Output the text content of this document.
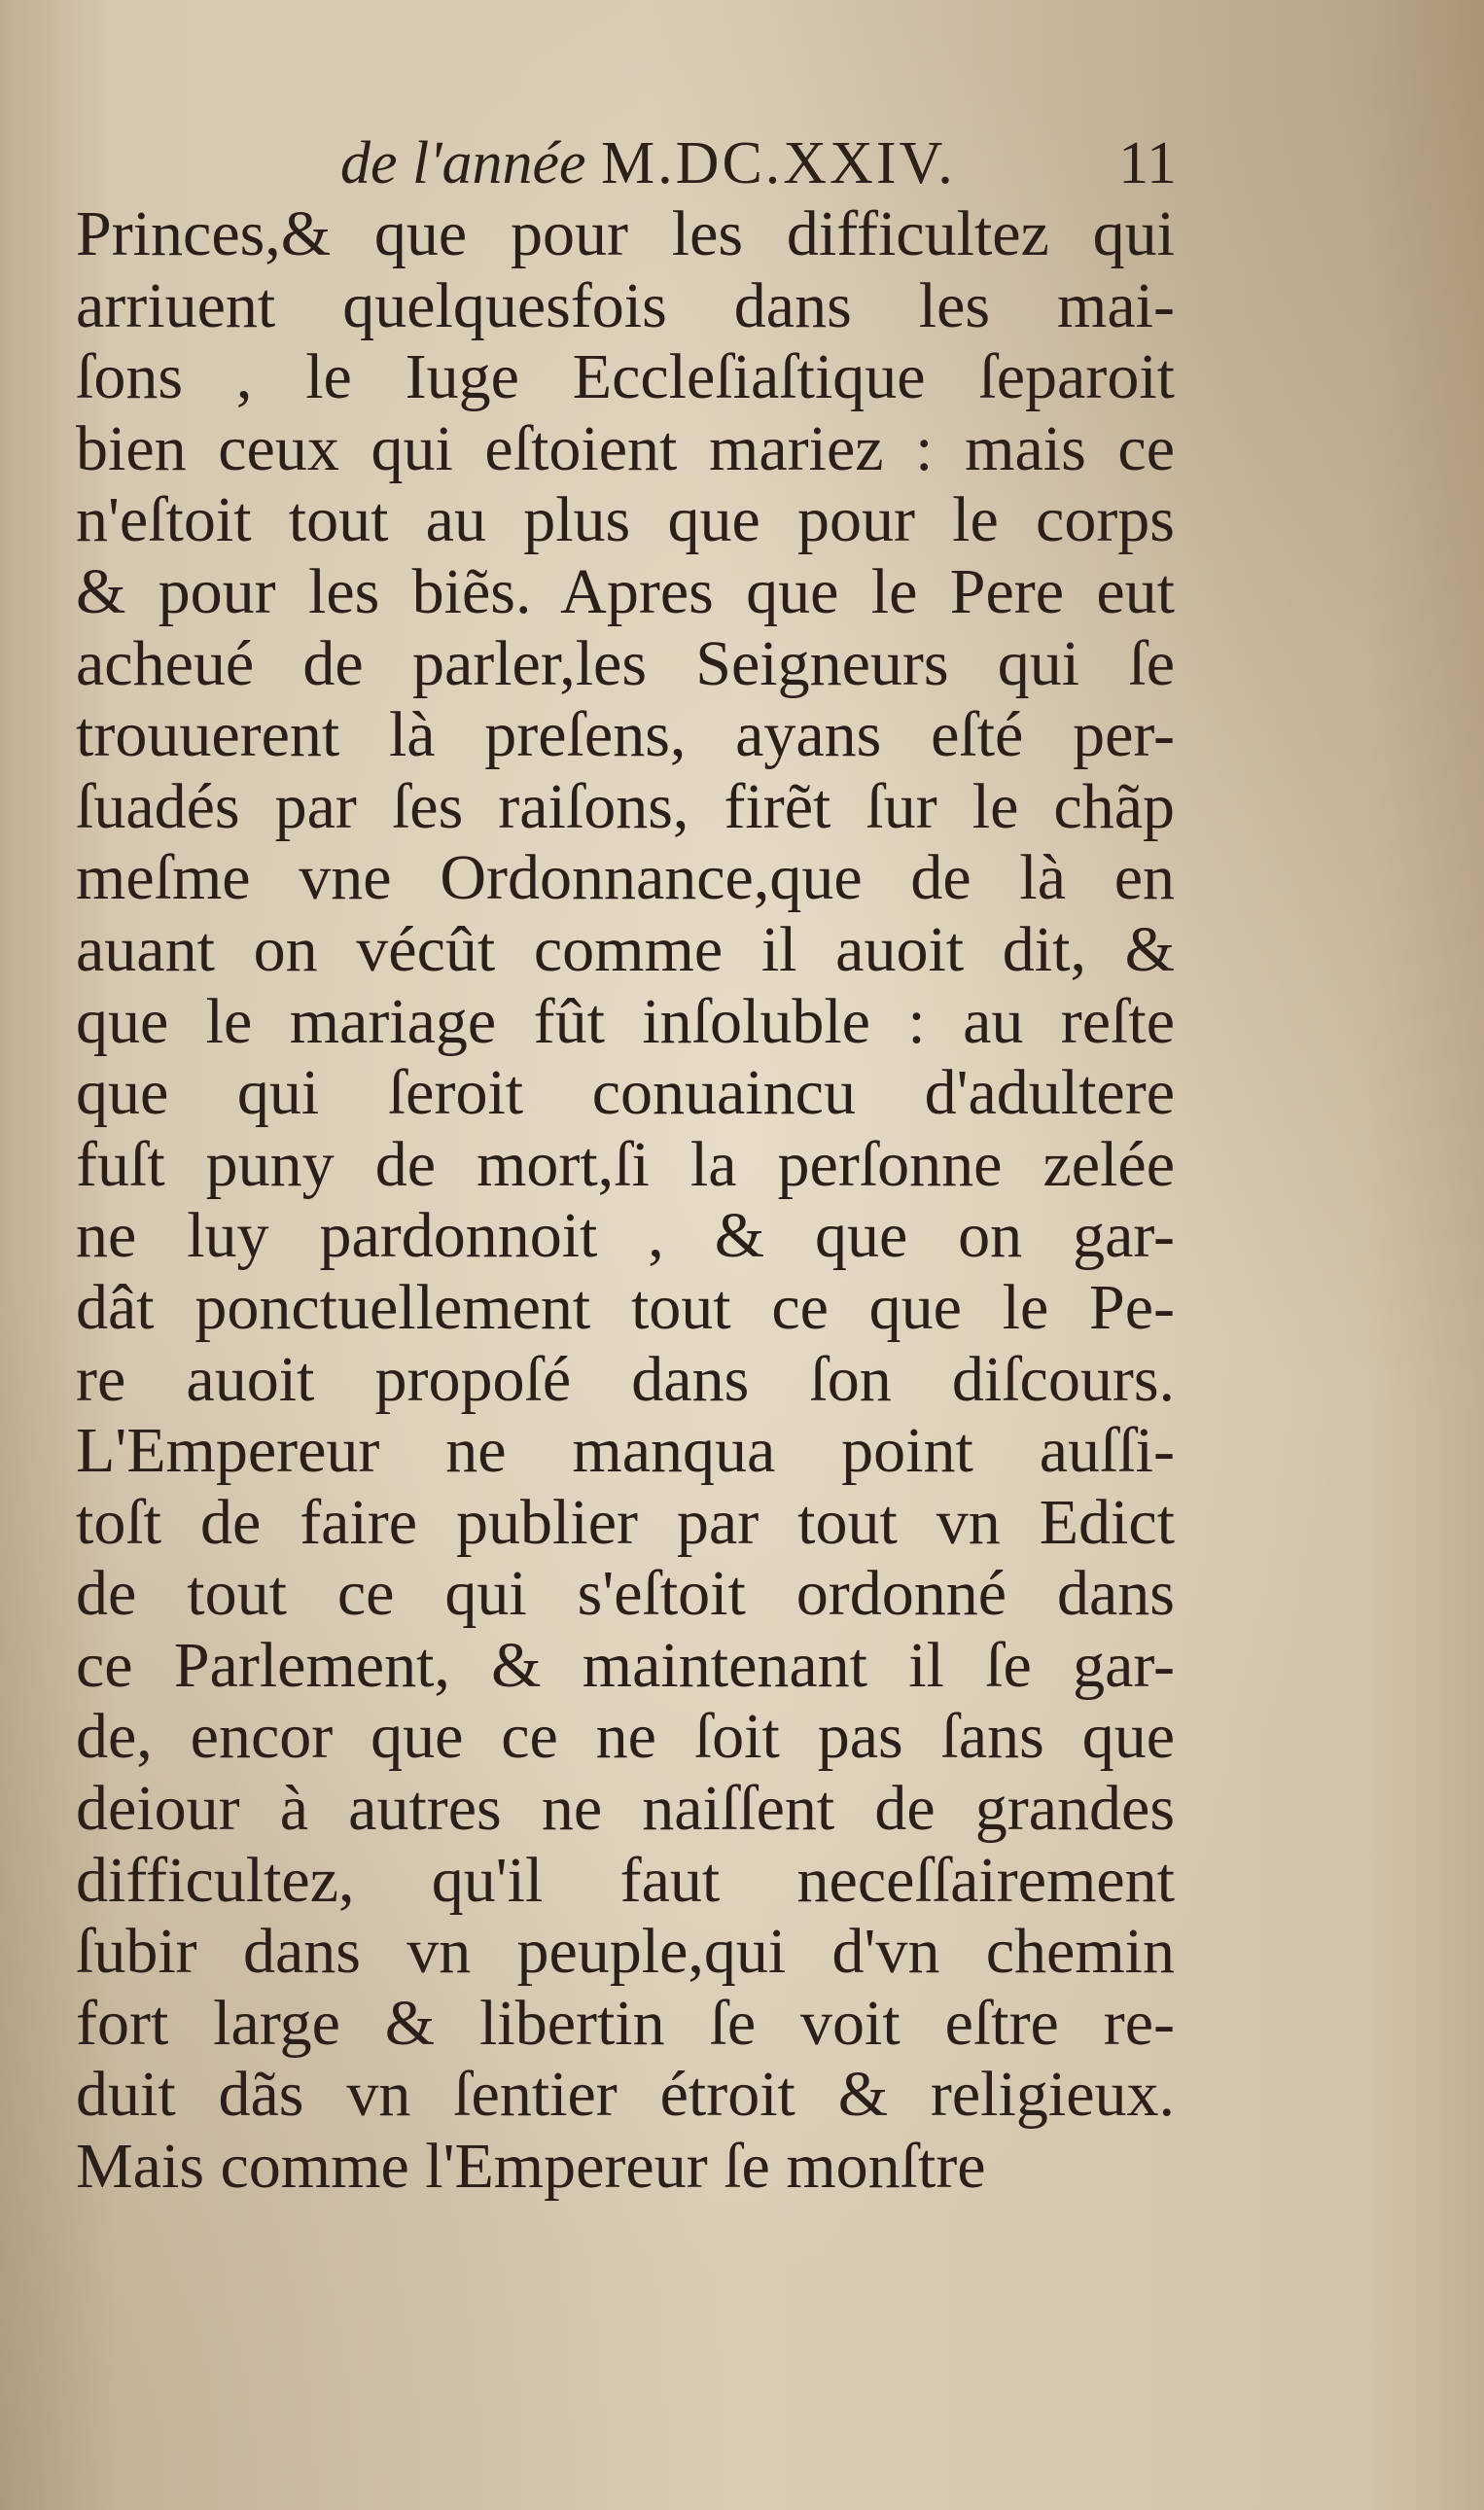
de l'année M.DC.XXIV.	11
Princes,& que pour les difficultez qui
arriuent quelquesfois dans les mai-
ſons , le Iuge Eccleſiaſtique ſeparoit
bien ceux qui eſtoient mariez : mais ce
n'eſtoit tout au plus que pour le corps
& pour les biẽs. Apres que le Pere eut
acheué de parler,les Seigneurs qui ſe
trouuerent là preſens, ayans eſté per-
ſuadés par ſes raiſons, firẽt ſur le chãp
meſme vne Ordonnance,que de là en
auant on vécût comme il auoit dit, &
que le mariage fût inſoluble : au reſte
que qui ſeroit conuaincu d'adultere
fuſt puny de mort,ſi la perſonne zelée
ne luy pardonnoit , & que on gar-
dât ponctuellement tout ce que le Pe-
re auoit propoſé dans ſon diſcours.
L'Empereur ne manqua point auſſi-
toſt de faire publier par tout vn Edict
de tout ce qui s'eſtoit ordonné dans
ce Parlement, & maintenant il ſe gar-
de, encor que ce ne ſoit pas ſans que
deiour à autres ne naiſſent de grandes
difficultez, qu'il faut neceſſairement
ſubir dans vn peuple,qui d'vn chemin
fort large & libertin ſe voit eſtre re-
duit dãs vn ſentier étroit & religieux.
Mais comme l'Empereur ſe monſtre
